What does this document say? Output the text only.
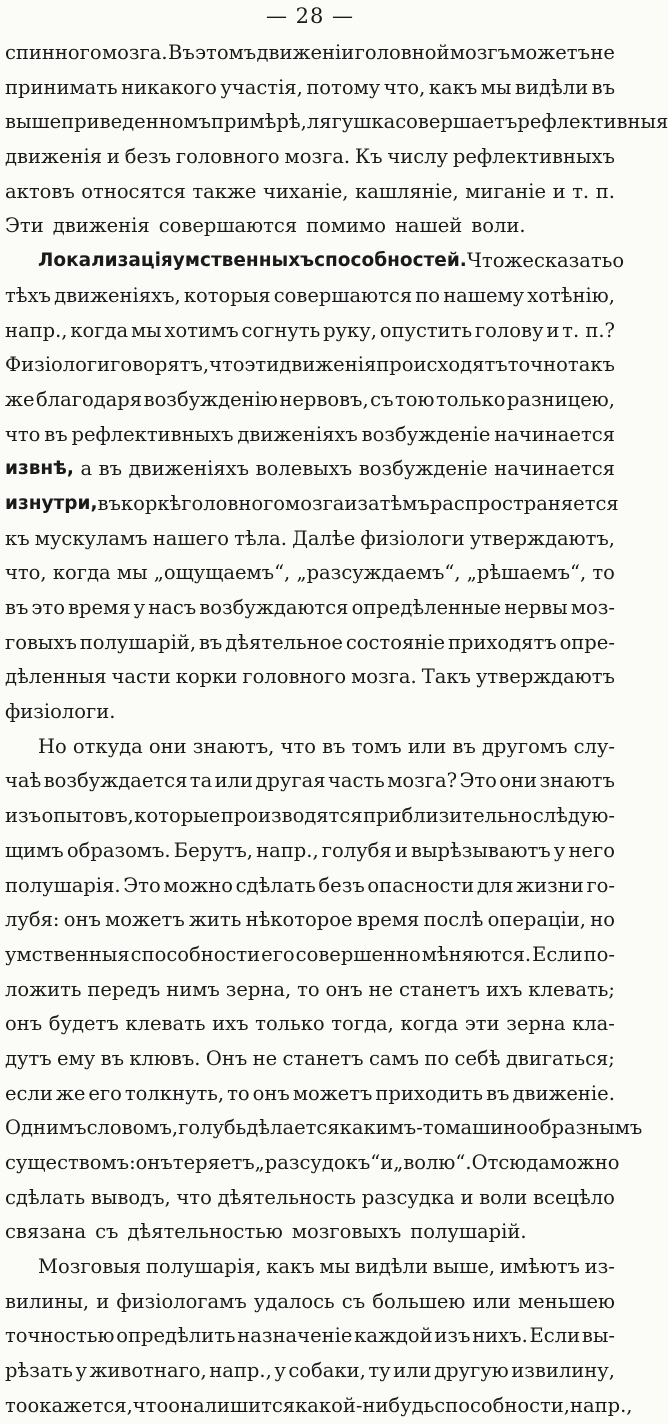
— 28 —
спинного мозга. Въ этомъ движенiи головной мозгъ можетъ не
принимать никакого участiя, потому что, какъ мы видѣли въ
вышеприведенномъ примѣрѣ, лягушка совершаетъ рефлективныя
движенiя и безъ головного мозга. Къ числу рефлективныхъ
актовъ относятся также чиханiе, кашлянiе, миганiе и т. п.
Эти движенiя совершаются помимо нашей воли.
Локализацiя умственныхъ способностей. Что же сказать о
тѣхъ движенiяхъ, которыя совершаются по нашему хотѣнiю,
напр., когда мы хотимъ согнуть руку, опустить голову и т. п.?
Физiологи говорятъ, что эти движенiя происходятъ точно такъ
же благодаря возбужденiю нервовъ, съ тою только разницею,
что въ рефлективныхъ движенiяхъ возбужденiе начинается
извнѣ, а въ движенiяхъ волевыхъ возбужденiе начинается
изнутри, въ коркѣ головного мозга и затѣмъ распространяется
къ мускуламъ нашего тѣла. Далѣе физiологи утверждаютъ,
что, когда мы „ощущаемъ“, „разсуждаемъ“, „рѣшаемъ“, то
въ это время у насъ возбуждаются опредѣленные нервы моз-
говыхъ полушарiй, въ дѣятельное состоянiе приходятъ опре-
дѣленныя части корки головного мозга. Такъ утверждаютъ
физiологи.
Но откуда они знаютъ, что въ томъ или въ другомъ слу-
чаѣ возбуждается та или другая часть мозга? Это они знаютъ
изъ опытовъ, которые производятся приблизительно слѣдую-
щимъ образомъ. Берутъ, напр., голубя и вырѣзываютъ у него
полушарiя. Это можно сдѣлать безъ опасности для жизни го-
лубя: онъ можетъ жить нѣкоторое время послѣ операцiи, но
умственныя способности его совершенно мѣняются. Если по-
ложить передъ нимъ зерна, то онъ не станетъ ихъ клевать;
онъ будетъ клевать ихъ только тогда, когда эти зерна кла-
дутъ ему въ клювъ. Онъ не станетъ самъ по себѣ двигаться;
если же его толкнуть, то онъ можетъ приходить въ движенiе.
Однимъ словомъ, голубь дѣлается какимъ-то машинообразнымъ
существомъ: онъ теряетъ „разсудокъ“ и „волю“. Отсюда можно
сдѣлать выводъ, что дѣятельность разсудка и воли всецѣло
связана съ дѣятельностью мозговыхъ полушарiй.
Мозговыя полушарiя, какъ мы видѣли выше, имѣютъ из-
вилины, и физiологамъ удалось съ большею или меньшею
точностью опредѣлить назначенiе каждой изъ нихъ. Если вы-
рѣзать у животнаго, напр., у собаки, ту или другую извилину,
то окажется, что она лишится какой-нибудь способности, напр.,
